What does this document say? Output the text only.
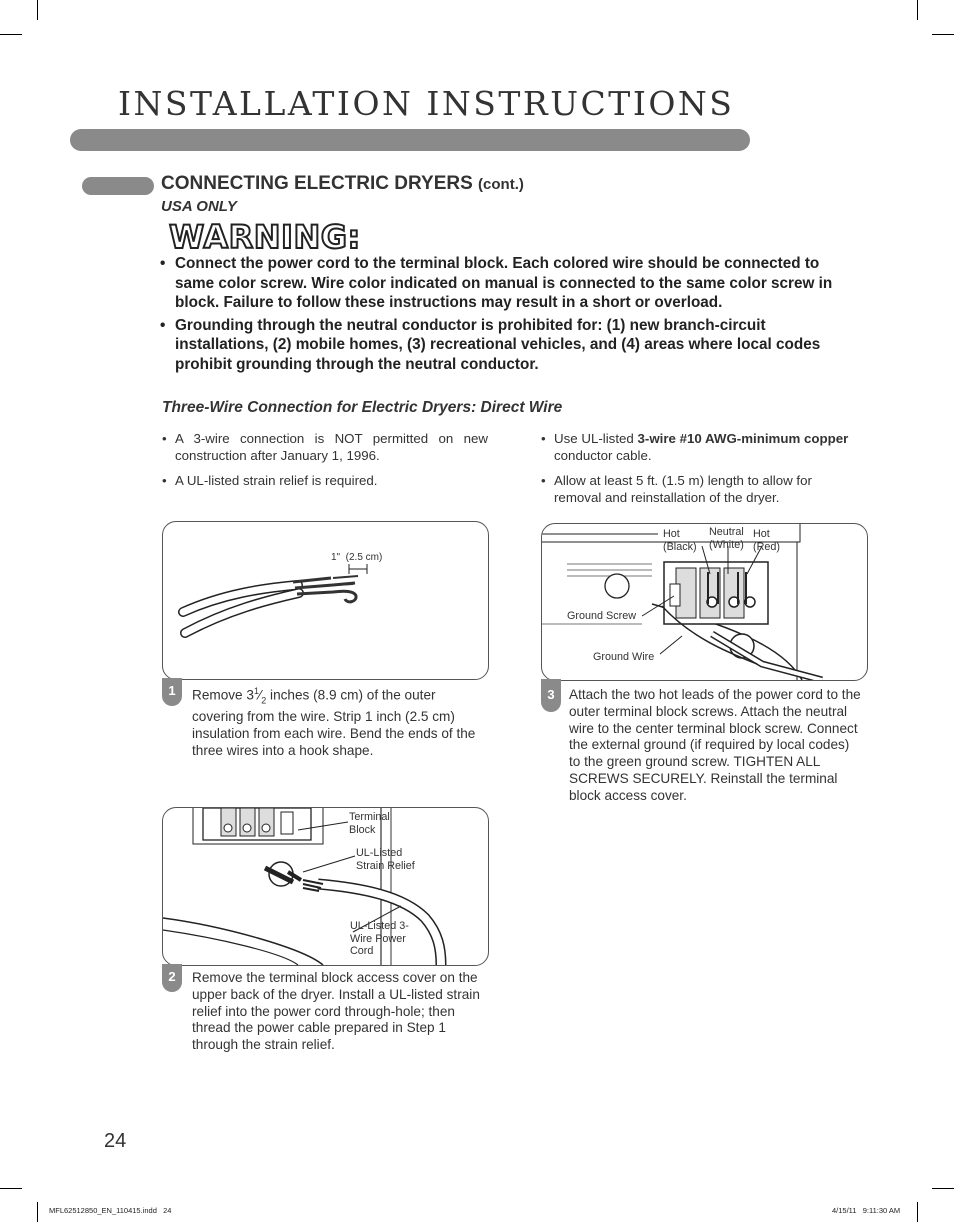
INSTALLATION INSTRUCTIONS
CONNECTING ELECTRIC DRYERS (cont.)
USA ONLY
WARNING:
• Connect the power cord to the terminal block. Each colored wire should be connected to same color screw. Wire color indicated on manual is connected to the same color screw in block. Failure to follow these instructions may result in a short or overload.
• Grounding through the neutral conductor is prohibited for: (1) new branch-circuit installations, (2) mobile homes, (3) recreational vehicles, and (4) areas where local codes prohibit grounding through the neutral conductor.
Three-Wire Connection for Electric Dryers: Direct Wire
• A 3-wire connection is NOT permitted on new construction after January 1, 1996.
• A UL-listed strain relief is required.
• Use UL-listed 3-wire #10 AWG-minimum copper conductor cable.
• Allow at least 5 ft. (1.5 m) length to allow for removal and reinstallation of the dryer.
1"  (2.5 cm)
1	Remove $3^1⁄_2$ inches (8.9 cm) of the outer covering from the wire. Strip 1 inch (2.5 cm) insulation from each wire. Bend the ends of the three wires into a hook shape.
Terminal Block
UL-Listed Strain Relief
UL-Listed 3-Wire Power Cord
2	Remove the terminal block access cover on the upper back of the dryer. Install a UL-listed strain relief into the power cord through-hole; then thread the power cable prepared in Step 1 through the strain relief.
Hot (Black)
Neutral (White)
Hot (Red)
Ground Screw
Ground Wire
3	Attach the two hot leads of the power cord to the outer terminal block screws. Attach the neutral wire to the center terminal block screw. Connect the external ground (if required by local codes) to the green ground screw. TIGHTEN ALL SCREWS SECURELY. Reinstall the terminal block access cover.
24
MFL62512850_EN_110415.indd   24	4/15/11   9:11:30 AM
